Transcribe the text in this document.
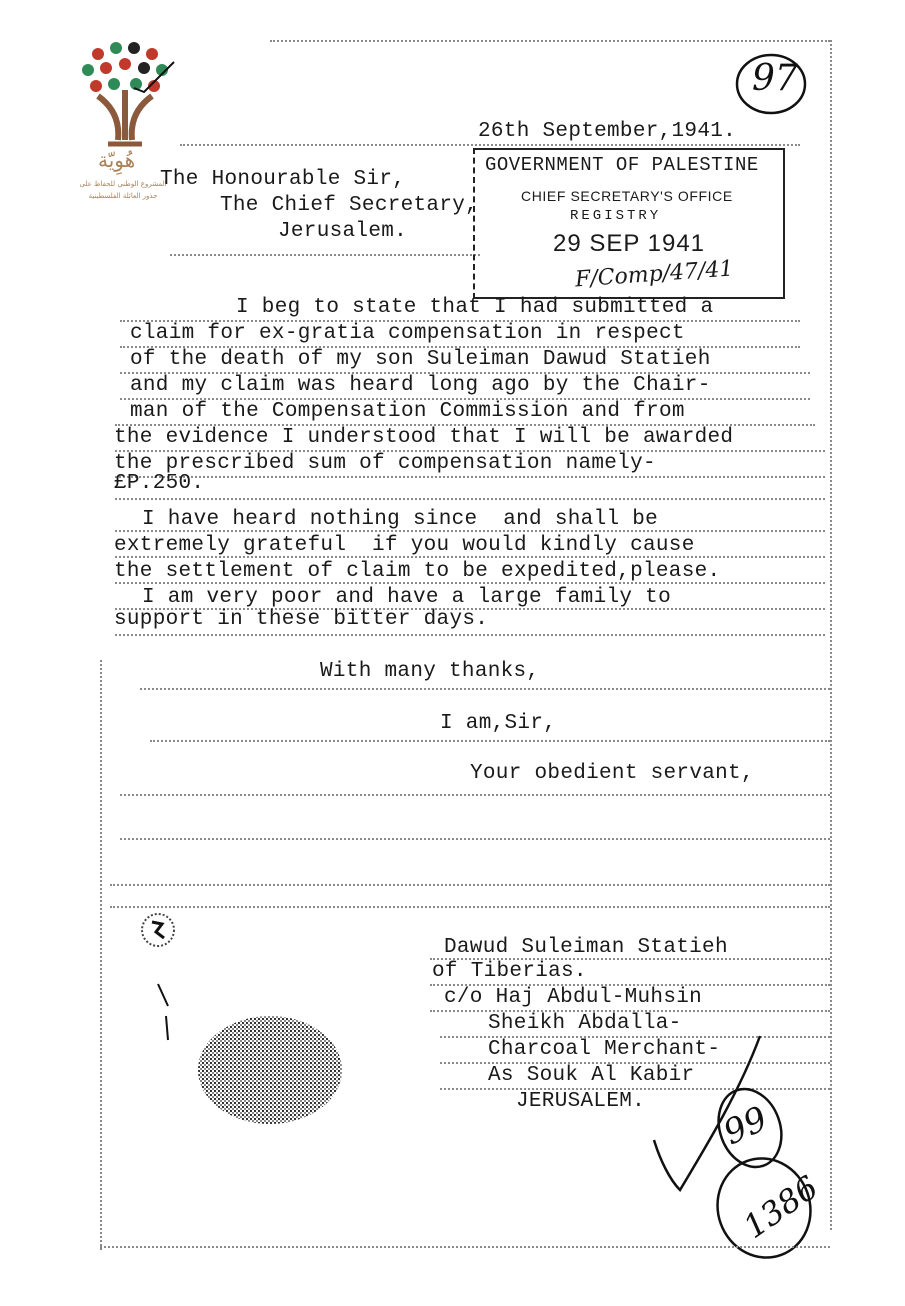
هُوِيّة
المشروع الوطني للحفاظ على
جذور العائلة الفلسطينية
97
26th September,1941.
The Honourable Sir,
The Chief Secretary,
Jerusalem.
GOVERNMENT OF PALESTINE
CHIEF SECRETARY'S OFFICE
REGISTRY
29 SEP 1941
F/Comp/47/41
I beg to state that I had submitted a
claim for ex-gratia compensation in respect
of the death of my son Suleiman Dawud Statieh
and my claim was heard long ago by the Chair-
man of the Compensation Commission and from
the evidence I understood that I will be awarded
the prescribed sum of compensation namely-
£P.250.
I have heard nothing since  and shall be
extremely grateful  if you would kindly cause
the settlement of claim to be expedited,please.
I am very poor and have a large family to
support in these bitter days.
With many thanks,
I am,Sir,
Your obedient servant,
Dawud Suleiman Statieh
of Tiberias.
c/o Haj Abdul-Muhsin
Sheikh Abdalla-
Charcoal Merchant-
As Souk Al Kabir
JERUSALEM. 99
1386
